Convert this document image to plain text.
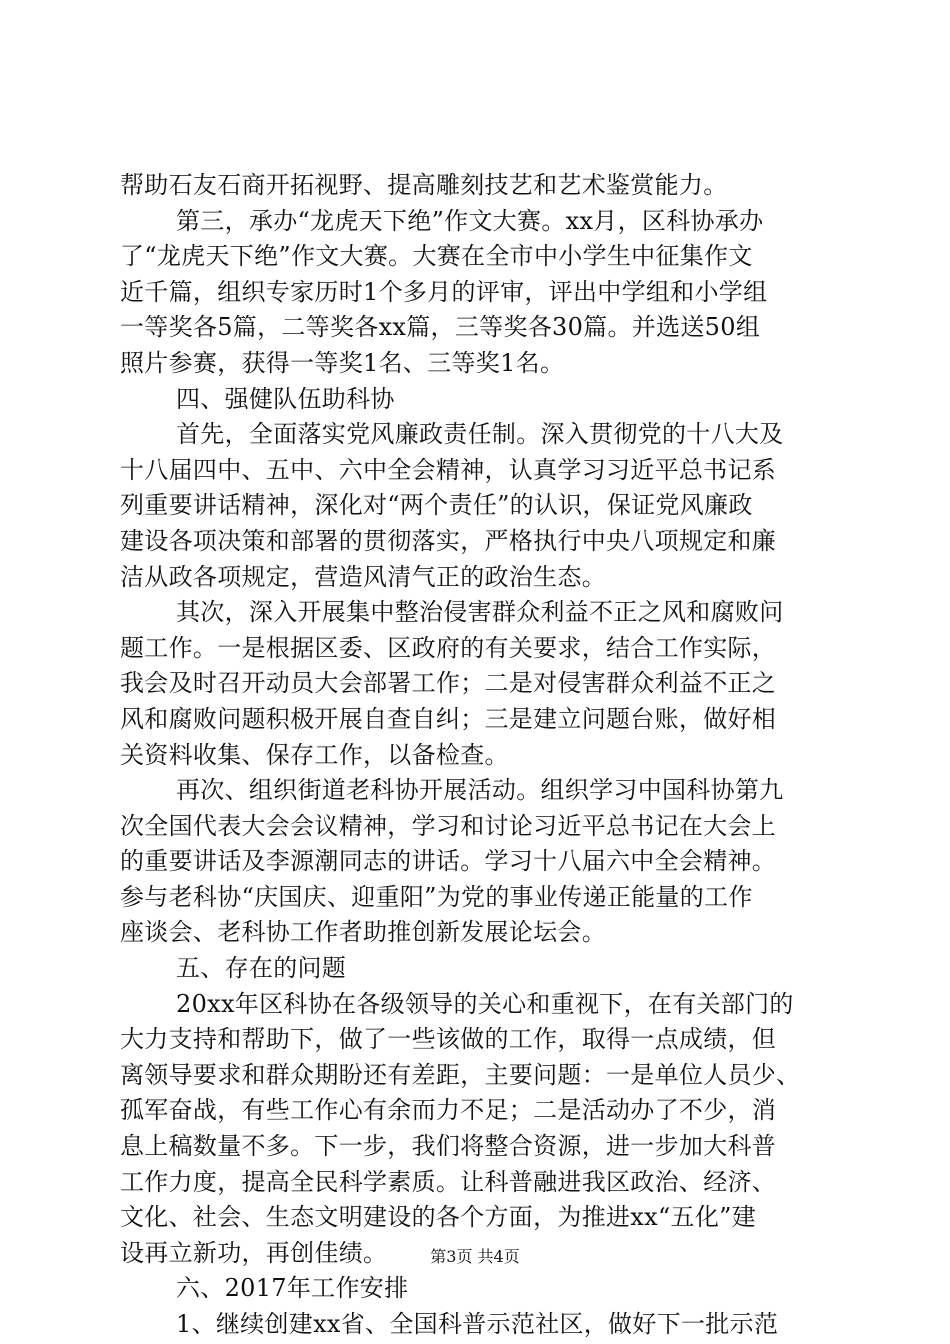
帮助石友石商开拓视野、提高雕刻技艺和艺术鉴赏能力。
第三，承办“龙虎天下绝”作文大赛。xx月，区科协承办
了“龙虎天下绝”作文大赛。大赛在全市中小学生中征集作文
近千篇，组织专家历时1个多月的评审，评出中学组和小学组
一等奖各5篇，二等奖各xx篇，三等奖各30篇。并选送50组
照片参赛，获得一等奖1名、三等奖1名。
四、强健队伍助科协
首先，全面落实党风廉政责任制。深入贯彻党的十八大及
十八届四中、五中、六中全会精神，认真学习习近平总书记系
列重要讲话精神，深化对“两个责任”的认识，保证党风廉政
建设各项决策和部署的贯彻落实，严格执行中央八项规定和廉
洁从政各项规定，营造风清气正的政治生态。
其次，深入开展集中整治侵害群众利益不正之风和腐败问
题工作。一是根据区委、区政府的有关要求，结合工作实际，
我会及时召开动员大会部署工作；二是对侵害群众利益不正之
风和腐败问题积极开展自查自纠；三是建立问题台账，做好相
关资料收集、保存工作，以备检查。
再次、组织街道老科协开展活动。组织学习中国科协第九
次全国代表大会会议精神，学习和讨论习近平总书记在大会上
的重要讲话及李源潮同志的讲话。学习十八届六中全会精神。
参与老科协“庆国庆、迎重阳”为党的事业传递正能量的工作
座谈会、老科协工作者助推创新发展论坛会。
五、存在的问题
20xx年区科协在各级领导的关心和重视下，在有关部门的
大力支持和帮助下，做了一些该做的工作，取得一点成绩，但
离领导要求和群众期盼还有差距，主要问题：一是单位人员少、
孤军奋战，有些工作心有余而力不足；二是活动办了不少，消
息上稿数量不多。下一步，我们将整合资源，进一步加大科普
工作力度，提高全民科学素质。让科普融进我区政治、经济、
文化、社会、生态文明建设的各个方面，为推进xx“五化”建
设再立新功，再创佳绩。
六、2017年工作安排
1、继续创建xx省、全国科普示范社区，做好下一批示范
第3页 共4页
